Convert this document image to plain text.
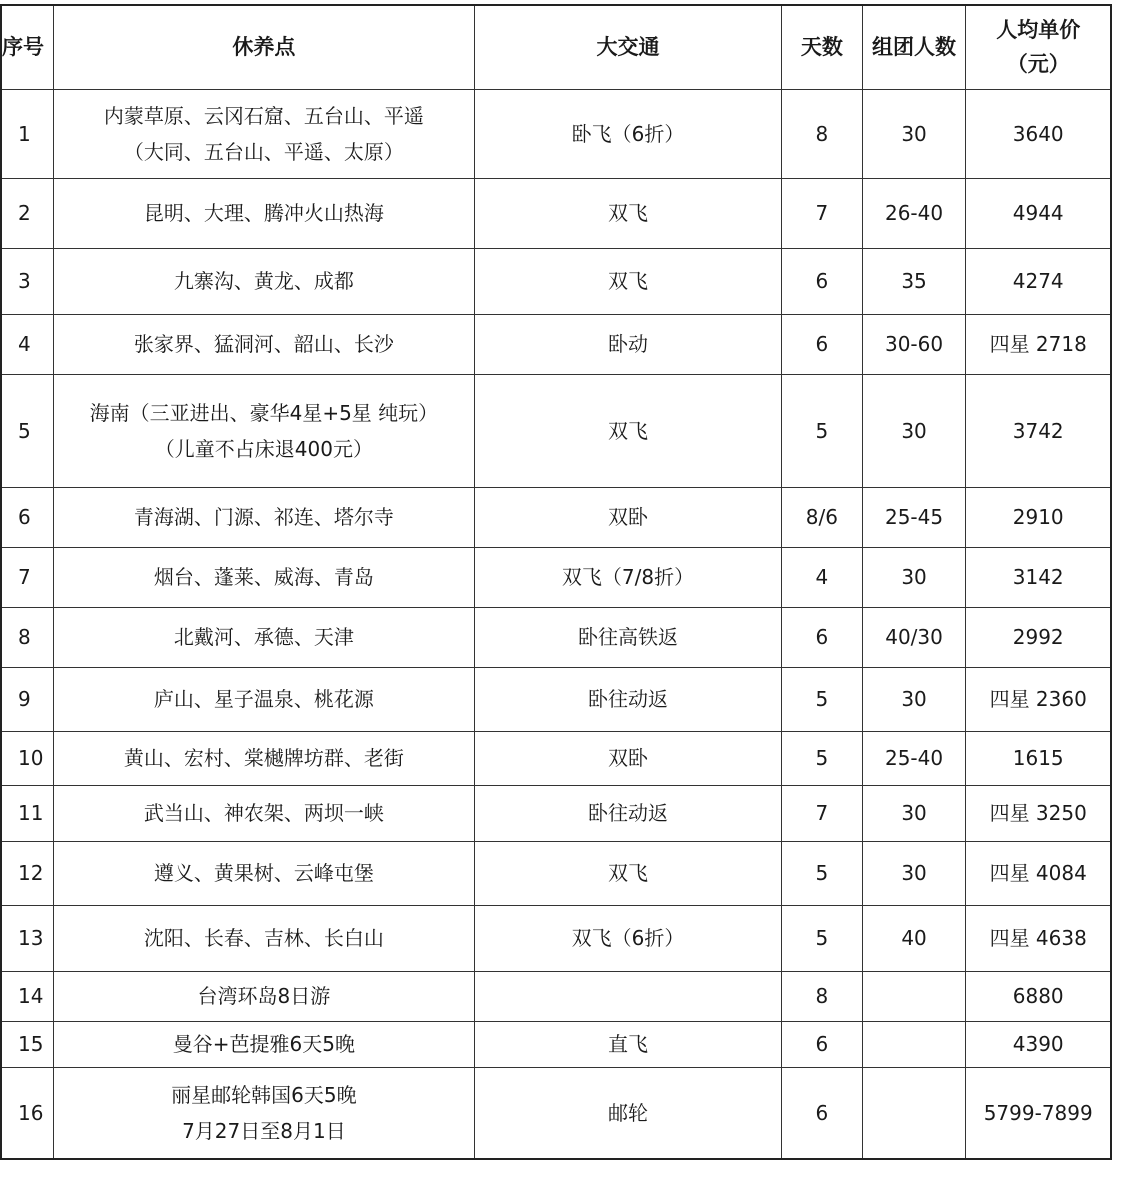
序号	休养点	大交通	天数	组团人数	人均单价
（元）

1	内蒙草原、云冈石窟、五台山、平遥
（大同、五台山、平遥、太原）	卧飞（6折）	8	30	3640
2	昆明、大理、腾冲火山热海	双飞	7	26-40	4944
3	九寨沟、黄龙、成都	双飞	6	35	4274
4	张家界、猛洞河、韶山、长沙	卧动	6	30-60	四星 2718
5	海南（三亚进出、豪华4星+5星 纯玩）
（儿童不占床退400元）	双飞	5	30	3742
6	青海湖、门源、祁连、塔尔寺	双卧	8/6	25-45	2910
7	烟台、蓬莱、威海、青岛	双飞（7/8折）	4	30	3142
8	北戴河、承德、天津	卧往高铁返	6	40/30	2992
9	庐山、星子温泉、桃花源	卧往动返	5	30	四星 2360
10	黄山、宏村、棠樾牌坊群、老街	双卧	5	25-40	1615
11	武当山、神农架、两坝一峡	卧往动返	7	30	四星 3250
12	遵义、黄果树、云峰屯堡	双飞	5	30	四星 4084
13	沈阳、长春、吉林、长白山	双飞（6折）	5	40	四星 4638
14	台湾环岛8日游		8		6880
15	曼谷+芭提雅6天5晚	直飞	6		4390
16	丽星邮轮韩国6天5晚
7月27日至8月1日	邮轮	6		5799-7899
